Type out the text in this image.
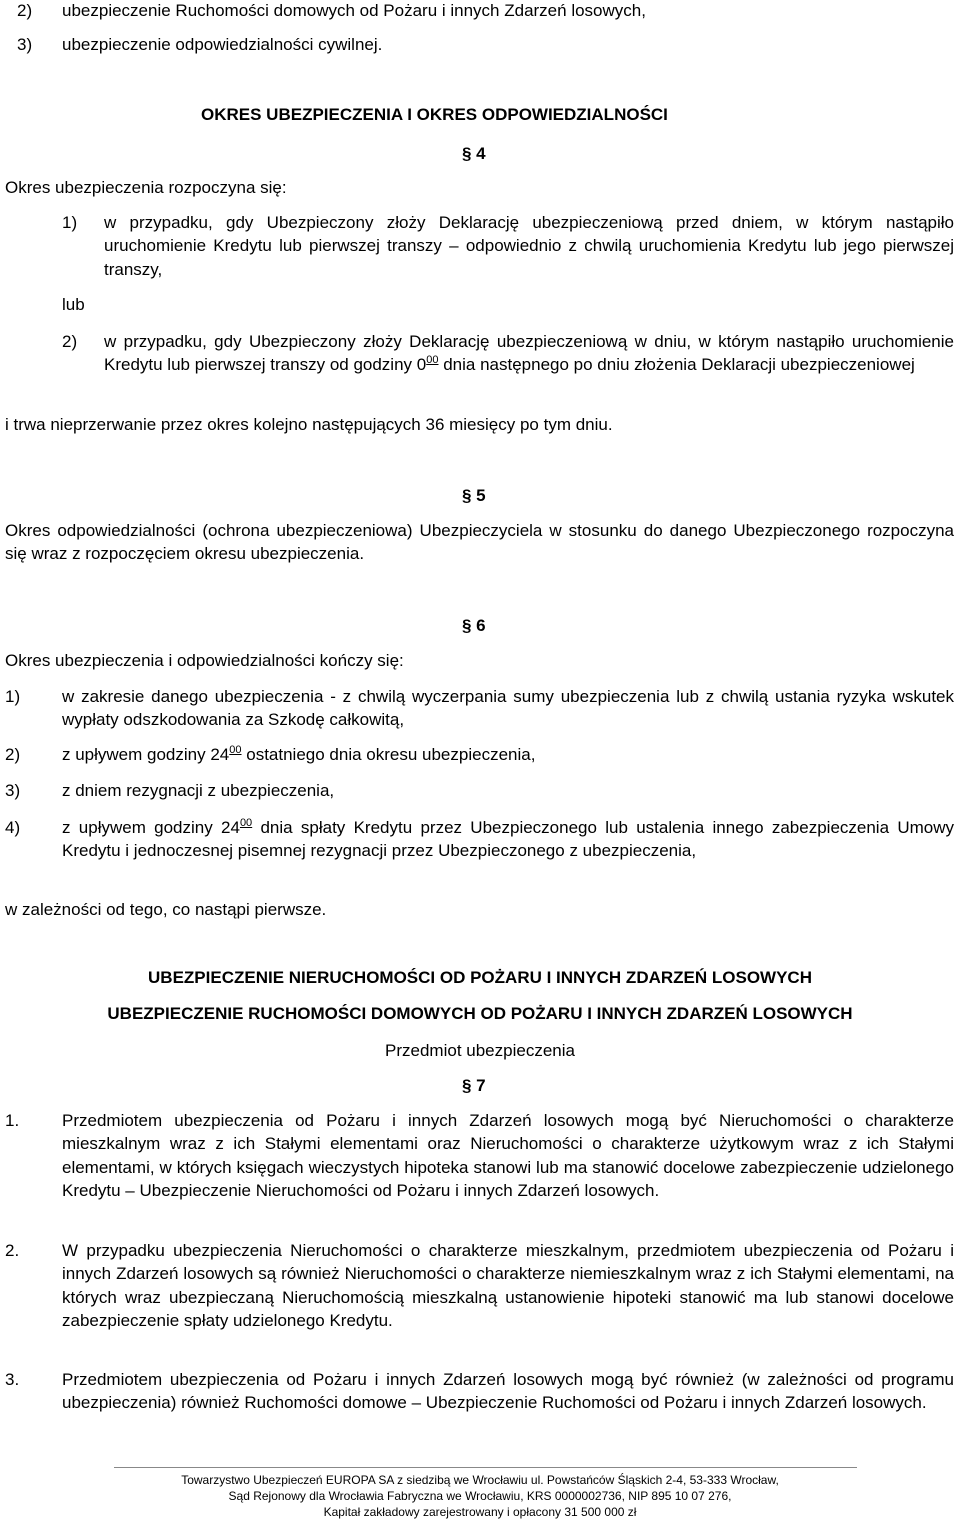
2) ubezpieczenie Ruchomości domowych od Pożaru i innych Zdarzeń losowych,
3) ubezpieczenie odpowiedzialności cywilnej.
OKRES UBEZPIECZENIA I OKRES ODPOWIEDZIALNOŚCI
§ 4
Okres ubezpieczenia rozpoczyna się:
1) w przypadku, gdy Ubezpieczony złoży Deklarację ubezpieczeniową przed dniem, w którym nastąpiło uruchomienie Kredytu lub pierwszej transzy – odpowiednio z chwilą uruchomienia Kredytu lub jego pierwszej transzy,
lub
2) w przypadku, gdy Ubezpieczony złoży Deklarację ubezpieczeniową w dniu, w którym nastąpiło uruchomienie Kredytu lub pierwszej transzy od godziny $0^{00}$ dnia następnego po dniu złożenia Deklaracji ubezpieczeniowej
i trwa nieprzerwanie przez okres kolejno następujących 36 miesięcy po tym dniu.
§ 5
Okres odpowiedzialności (ochrona ubezpieczeniowa) Ubezpieczyciela w stosunku do danego Ubezpieczonego rozpoczyna się wraz z rozpoczęciem okresu ubezpieczenia.
§ 6
Okres ubezpieczenia i odpowiedzialności kończy się:
1) w zakresie danego ubezpieczenia - z chwilą wyczerpania sumy ubezpieczenia lub z chwilą ustania ryzyka wskutek wypłaty odszkodowania za Szkodę całkowitą,
2) z upływem godziny $24^{00}$ ostatniego dnia okresu ubezpieczenia,
3) z dniem rezygnacji z ubezpieczenia,
4) z upływem godziny $24^{00}$ dnia spłaty Kredytu przez Ubezpieczonego lub ustalenia innego zabezpieczenia Umowy Kredytu i jednoczesnej pisemnej rezygnacji przez Ubezpieczonego z ubezpieczenia,
w zależności od tego, co nastąpi pierwsze.
UBEZPIECZENIE NIERUCHOMOŚCI OD POŻARU I INNYCH ZDARZEŃ LOSOWYCH
UBEZPIECZENIE RUCHOMOŚCI DOMOWYCH OD POŻARU I INNYCH ZDARZEŃ LOSOWYCH
Przedmiot ubezpieczenia
§ 7
1.	Przedmiotem ubezpieczenia od Pożaru i innych Zdarzeń losowych mogą być Nieruchomości o charakterze mieszkalnym wraz z ich Stałymi elementami oraz Nieruchomości o charakterze użytkowym wraz z ich Stałymi elementami, w których księgach wieczystych hipoteka stanowi lub ma stanowić docelowe zabezpieczenie udzielonego Kredytu – Ubezpieczenie Nieruchomości od Pożaru i innych Zdarzeń losowych.
2.	W przypadku ubezpieczenia Nieruchomości o charakterze mieszkalnym, przedmiotem ubezpieczenia od Pożaru i innych Zdarzeń losowych są również Nieruchomości o charakterze niemieszkalnym wraz z ich Stałymi elementami, na których wraz ubezpieczaną Nieruchomością mieszkalną ustanowienie hipoteki stanowić ma lub stanowi docelowe zabezpieczenie spłaty udzielonego Kredytu.
3.	Przedmiotem ubezpieczenia od Pożaru i innych Zdarzeń losowych mogą być również (w zależności od programu ubezpieczenia) również Ruchomości domowe – Ubezpieczenie Ruchomości od Pożaru i innych Zdarzeń losowych.
Towarzystwo Ubezpieczeń EUROPA SA z siedzibą we Wrocławiu ul. Powstańców Śląskich 2-4, 53-333 Wrocław,
Sąd Rejonowy dla Wrocławia Fabryczna we Wrocławiu, KRS 0000002736, NIP 895 10 07 276,
Kapitał zakładowy zarejestrowany i opłacony 31 500 000 zł
